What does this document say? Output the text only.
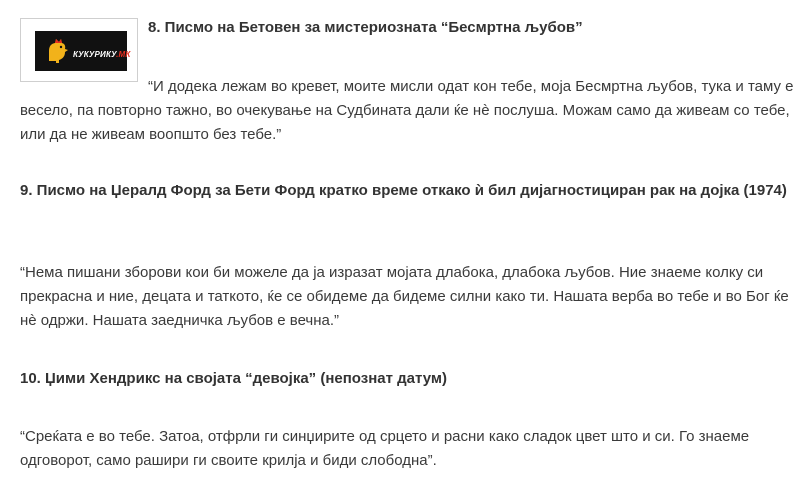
КУКУРИКУ.МК
8. Писмо на Бетовен за мистериозната “Бесмртна љубов”

“И додека лежам во кревет, моите мисли одат кон тебе, моја Бесмртна љубов, тука и таму е весело, па повторно тажно, во очекување на Судбината дали ќе нè послуша. Можам само да живеам со тебе, или да не живеам воопшто без тебе.”

9. Писмо на Џералд Форд за Бети Форд кратко време откако ѝ бил дијагностициран рак на дојка (1974)

“Нема пишани зборови кои би можеле да ја изразат мојата длабока, длабока љубов. Ние знаеме колку си прекрасна и ние, децата и таткото, ќе се обидеме да бидеме силни како ти. Нашата верба во тебе и во Бог ќе нè одржи. Нашата заедничка љубов е вечна.”

10. Џими Хендрикс на својата “девојка” (непознат датум)

“Среќата е во тебе. Затоа, отфрли ги синџирите од срцето и расни како сладок цвет што и си. Го знаеме одговорот, само рашири ги своите крилја и биди слободна”.
